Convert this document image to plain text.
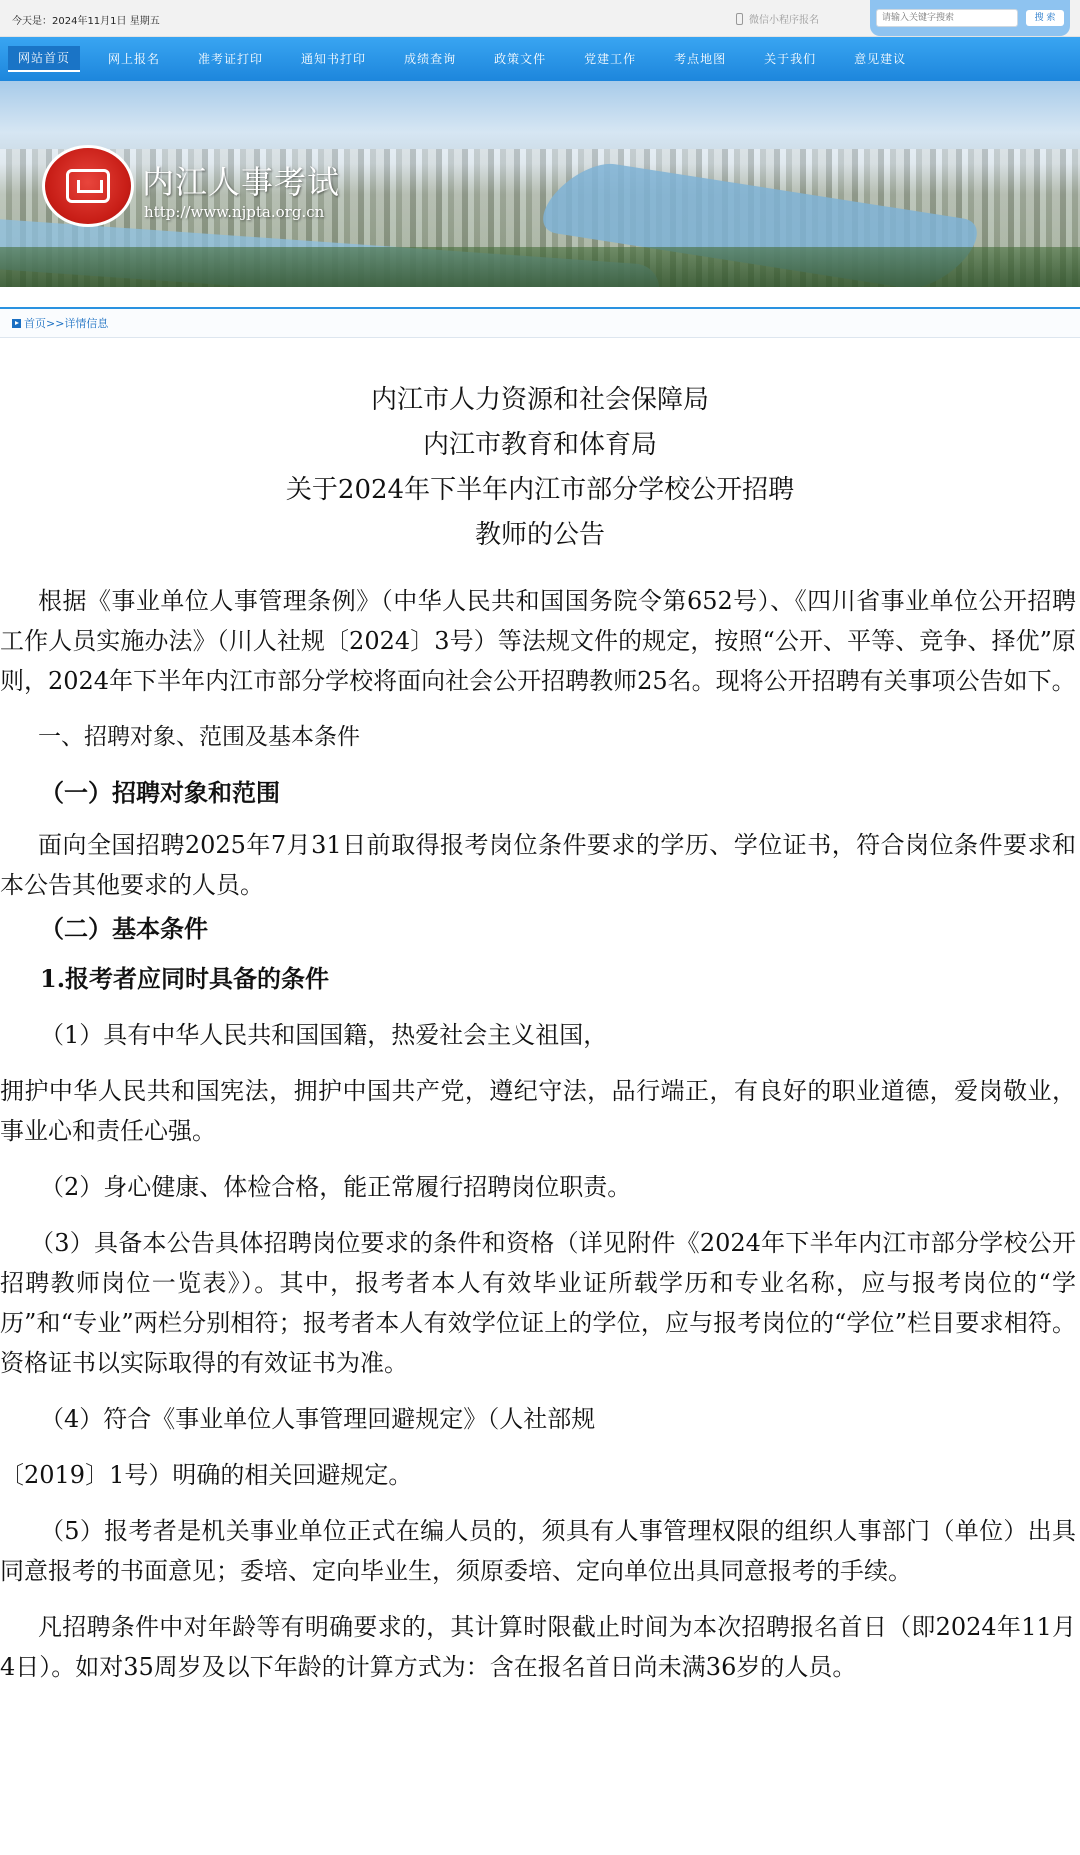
今天是：2024年11月1日 星期五	微信小程序报名
请输入关键字搜索	搜 索
网站首页	网上报名	准考证打印	通知书打印	成绩查询	政策文件	党建工作	考点地图	关于我们	意见建议
内江人事考试
http://www.njpta.org.cn
首页 >> 详情信息
内江市人力资源和社会保障局
内江市教育和体育局
关于2024年下半年内江市部分学校公开招聘
教师的公告

根据《事业单位人事管理条例》（中华人民共和国国务院令第652号）、《四川省事业单位公开招聘工作人员实施办法》（川人社规〔2024〕3号）等法规文件的规定，按照“公开、平等、竞争、择优”原则，2024年下半年内江市部分学校将面向社会公开招聘教师25名。现将公开招聘有关事项公告如下。

一、招聘对象、范围及基本条件

（一）招聘对象和范围

面向全国招聘2025年7月31日前取得报考岗位条件要求的学历、学位证书，符合岗位条件要求和本公告其他要求的人员。

（二）基本条件

1.报考者应同时具备的条件

（1）具有中华人民共和国国籍，热爱社会主义祖国，

拥护中华人民共和国宪法，拥护中国共产党，遵纪守法，品行端正，有良好的职业道德，爱岗敬业，事业心和责任心强。

（2）身心健康、体检合格，能正常履行招聘岗位职责。

（3）具备本公告具体招聘岗位要求的条件和资格（详见附件《2024年下半年内江市部分学校公开招聘教师岗位一览表》）。其中，报考者本人有效毕业证所载学历和专业名称，应与报考岗位的“学历”和“专业”两栏分别相符；报考者本人有效学位证上的学位，应与报考岗位的“学位”栏目要求相符。资格证书以实际取得的有效证书为准。

（4）符合《事业单位人事管理回避规定》（人社部规

〔2019〕1号）明确的相关回避规定。

（5）报考者是机关事业单位正式在编人员的，须具有人事管理权限的组织人事部门（单位）出具同意报考的书面意见；委培、定向毕业生，须原委培、定向单位出具同意报考的手续。

凡招聘条件中对年龄等有明确要求的，其计算时限截止时间为本次招聘报名首日（即2024年11月4日）。如对35周岁及以下年龄的计算方式为：含在报名首日尚未满36岁的人员。
